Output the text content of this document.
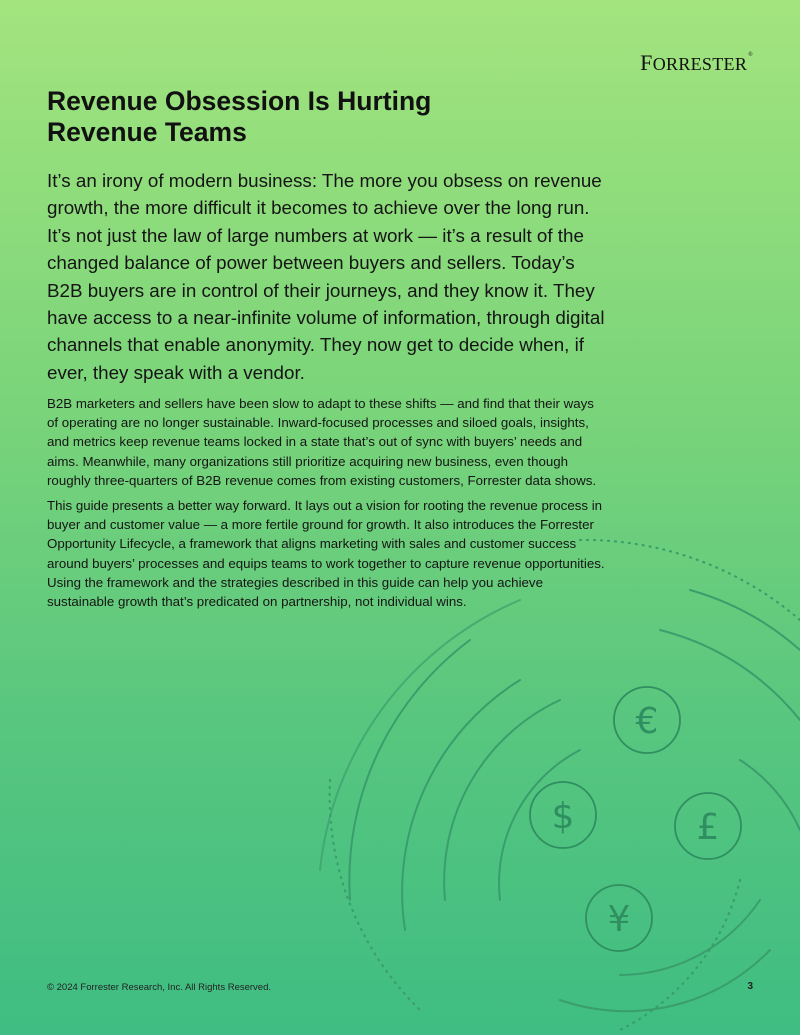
FORRESTER®
Revenue Obsession Is Hurting
Revenue Teams

It’s an irony of modern business: The more you obsess on revenue growth, the more difficult it becomes to achieve over the long run. It’s not just the law of large numbers at work — it’s a result of the changed balance of power between buyers and sellers. Today’s B2B buyers are in control of their journeys, and they know it. They have access to a near-infinite volume of information, through digital channels that enable anonymity. They now get to decide when, if ever, they speak with a vendor.

B2B marketers and sellers have been slow to adapt to these shifts — and find that their ways of operating are no longer sustainable. Inward-focused processes and siloed goals, insights, and metrics keep revenue teams locked in a state that’s out of sync with buyers’ needs and aims. Meanwhile, many organizations still prioritize acquiring new business, even though roughly three-quarters of B2B revenue comes from existing customers, Forrester data shows.

This guide presents a better way forward. It lays out a vision for rooting the revenue process in buyer and customer value — a more fertile ground for growth. It also introduces the Forrester Opportunity Lifecycle, a framework that aligns marketing with sales and customer success around buyers’ processes and equips teams to work together to capture revenue opportunities. Using the framework and the strategies described in this guide can help you achieve sustainable growth that’s predicated on partnership, not individual wins.

€
$	£
¥
© 2024 Forrester Research, Inc. All Rights Reserved.	3
